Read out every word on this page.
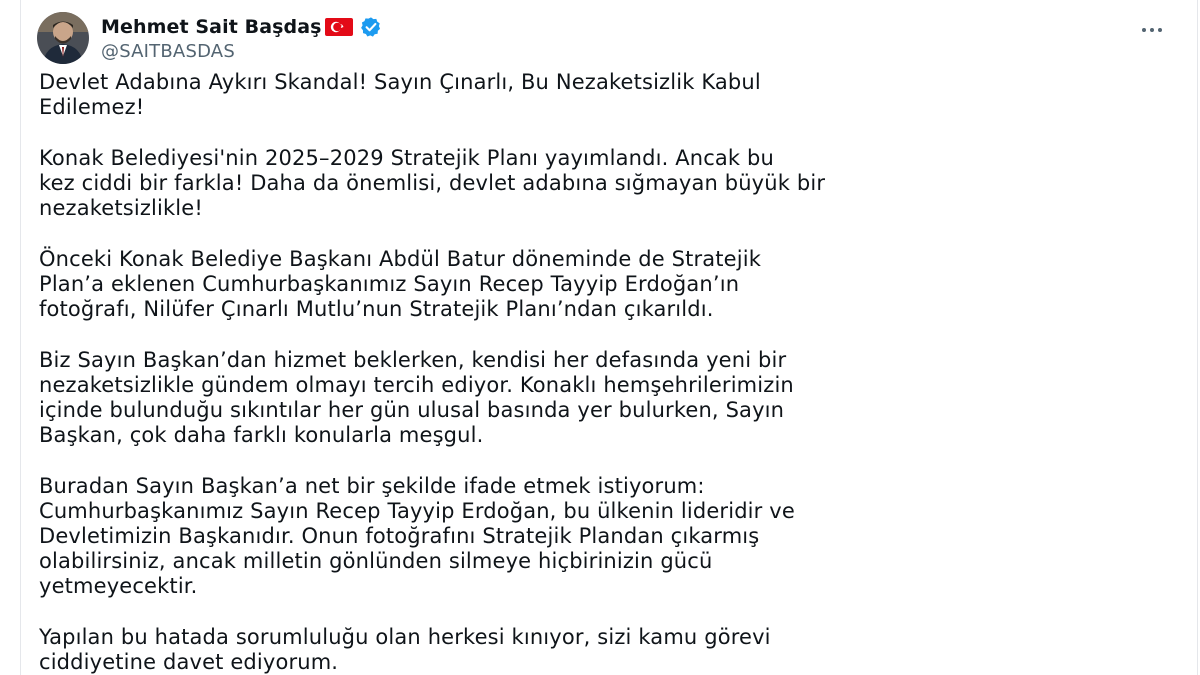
Mehmet Sait Başdaş
@SAITBASDAS

Devlet Adabına Aykırı Skandal! Sayın Çınarlı, Bu Nezaketsizlik Kabul
Edilemez!

Konak Belediyesi'nin 2025–2029 Stratejik Planı yayımlandı. Ancak bu
kez ciddi bir farkla! Daha da önemlisi, devlet adabına sığmayan büyük bir
nezaketsizlikle!

Önceki Konak Belediye Başkanı Abdül Batur döneminde de Stratejik
Plan’a eklenen Cumhurbaşkanımız Sayın Recep Tayyip Erdoğan’ın
fotoğrafı, Nilüfer Çınarlı Mutlu’nun Stratejik Planı’ndan çıkarıldı.

Biz Sayın Başkan’dan hizmet beklerken, kendisi her defasında yeni bir
nezaketsizlikle gündem olmayı tercih ediyor. Konaklı hemşehrilerimizin
içinde bulunduğu sıkıntılar her gün ulusal basında yer bulurken, Sayın
Başkan, çok daha farklı konularla meşgul.

Buradan Sayın Başkan’a net bir şekilde ifade etmek istiyorum:
Cumhurbaşkanımız Sayın Recep Tayyip Erdoğan, bu ülkenin lideridir ve
Devletimizin Başkanıdır. Onun fotoğrafını Stratejik Plandan çıkarmış
olabilirsiniz, ancak milletin gönlünden silmeye hiçbirinizin gücü
yetmeyecektir.

Yapılan bu hatada sorumluluğu olan herkesi kınıyor, sizi kamu görevi
ciddiyetine davet ediyorum.
